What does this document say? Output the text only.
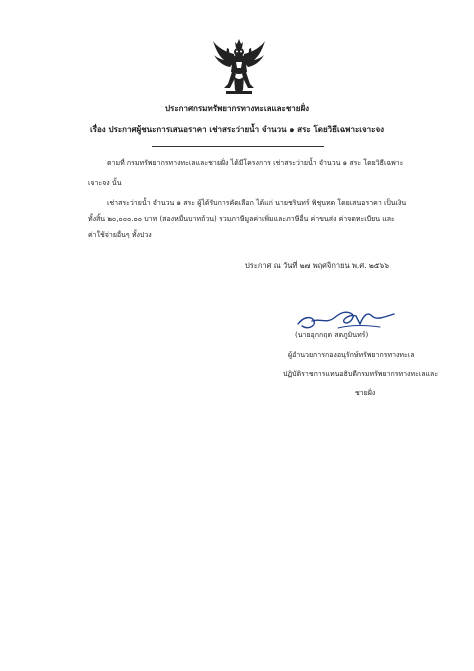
ประกาศกรมทรัพยากรทางทะเลและชายฝั่ง
เรื่อง ประกาศผู้ชนะการเสนอราคา เช่าสระว่ายน้ำ จำนวน ๑ สระ โดยวิธีเฉพาะเจาะจง
ตามที่ กรมทรัพยากรทางทะเลและชายฝั่ง ได้มีโครงการ เช่าสระว่ายน้ำ จำนวน ๑ สระ โดยวิธีเฉพาะ
เจาะจง นั้น
เช่าสระว่ายน้ำ จำนวน ๑ สระ ผู้ได้รับการคัดเลือก ได้แก่ นายชรินทร์ พิชุนทด โดยเสนอราคา เป็นเงิน
ทั้งสิ้น ๒๐,๐๐๐.๐๐ บาท (สองหมื่นบาทถ้วน) รวมภาษีมูลค่าเพิ่มและภาษีอื่น ค่าขนส่ง ค่าจดทะเบียน และ
ค่าใช้จ่ายอื่นๆ ทั้งปวง
ประกาศ ณ วันที่ ๒๗ พฤศจิกายน พ.ศ. ๒๕๖๖
(นายอุกกฤต สตภูมินทร์)
ผู้อำนวยการกองอนุรักษ์ทรัพยากรทางทะเล
ปฏิบัติราชการแทนอธิบดีกรมทรัพยากรทางทะเลและ
ชายฝั่ง
